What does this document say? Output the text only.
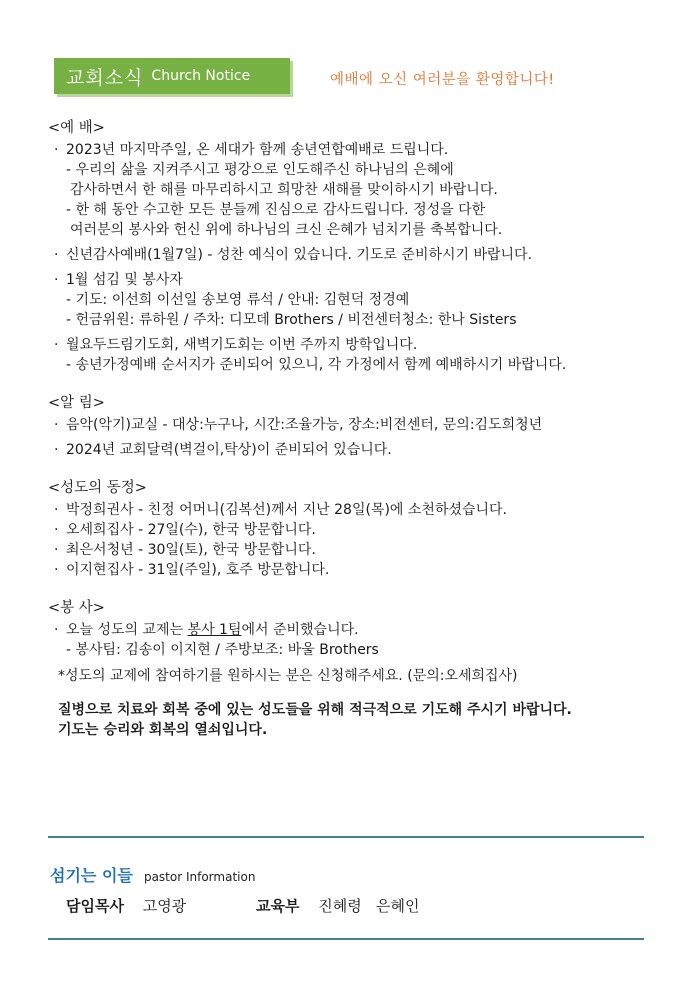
교회소식 Church Notice	예배에 오신 여러분을 환영합니다!
<예 배>
· 2023년 마지막주일, 온 세대가 함께 송년연합예배로 드립니다.
- 우리의 삶을 지켜주시고 평강으로 인도해주신 하나님의 은혜에
감사하면서 한 해를 마무리하시고 희망찬 새해를 맞이하시기 바랍니다.
- 한 해 동안 수고한 모든 분들께 진심으로 감사드립니다. 정성을 다한
여러분의 봉사와 헌신 위에 하나님의 크신 은혜가 넘치기를 축복합니다.
· 신년감사예배(1월7일) - 성찬 예식이 있습니다. 기도로 준비하시기 바랍니다.
· 1월 섬김 및 봉사자
- 기도: 이선희 이선일 송보영 류석 / 안내: 김현덕 정경예
- 헌금위원: 류하원 / 주차: 디모데 Brothers / 비전센터청소: 한나 Sisters
· 월요두드림기도회, 새벽기도회는 이번 주까지 방학입니다.
- 송년가정예배 순서지가 준비되어 있으니, 각 가정에서 함께 예배하시기 바랍니다.
<알 림>
· 음악(악기)교실 - 대상:누구나, 시간:조율가능, 장소:비전센터, 문의:김도희청년
· 2024년 교회달력(벽걸이,탁상)이 준비되어 있습니다.
<성도의 동정>
· 박정희권사 - 친정 어머니(김복선)께서 지난 28일(목)에 소천하셨습니다.
· 오세희집사 - 27일(수), 한국 방문합니다.
· 최은서청년 - 30일(토), 한국 방문합니다.
· 이지현집사 - 31일(주일), 호주 방문합니다.
<봉 사>
· 오늘 성도의 교제는 봉사 1팀에서 준비했습니다.
- 봉사팀: 김송이 이지현 / 주방보조: 바울 Brothers
*성도의 교제에 참여하기를 원하시는 분은 신청해주세요. (문의:오세희집사)
질병으로 치료와 회복 중에 있는 성도들을 위해 적극적으로 기도해 주시기 바랍니다.
기도는 승리와 회복의 열쇠입니다.
섬기는 이들 pastor Information
담임목사 고영광	교육부 진혜령   은혜인
